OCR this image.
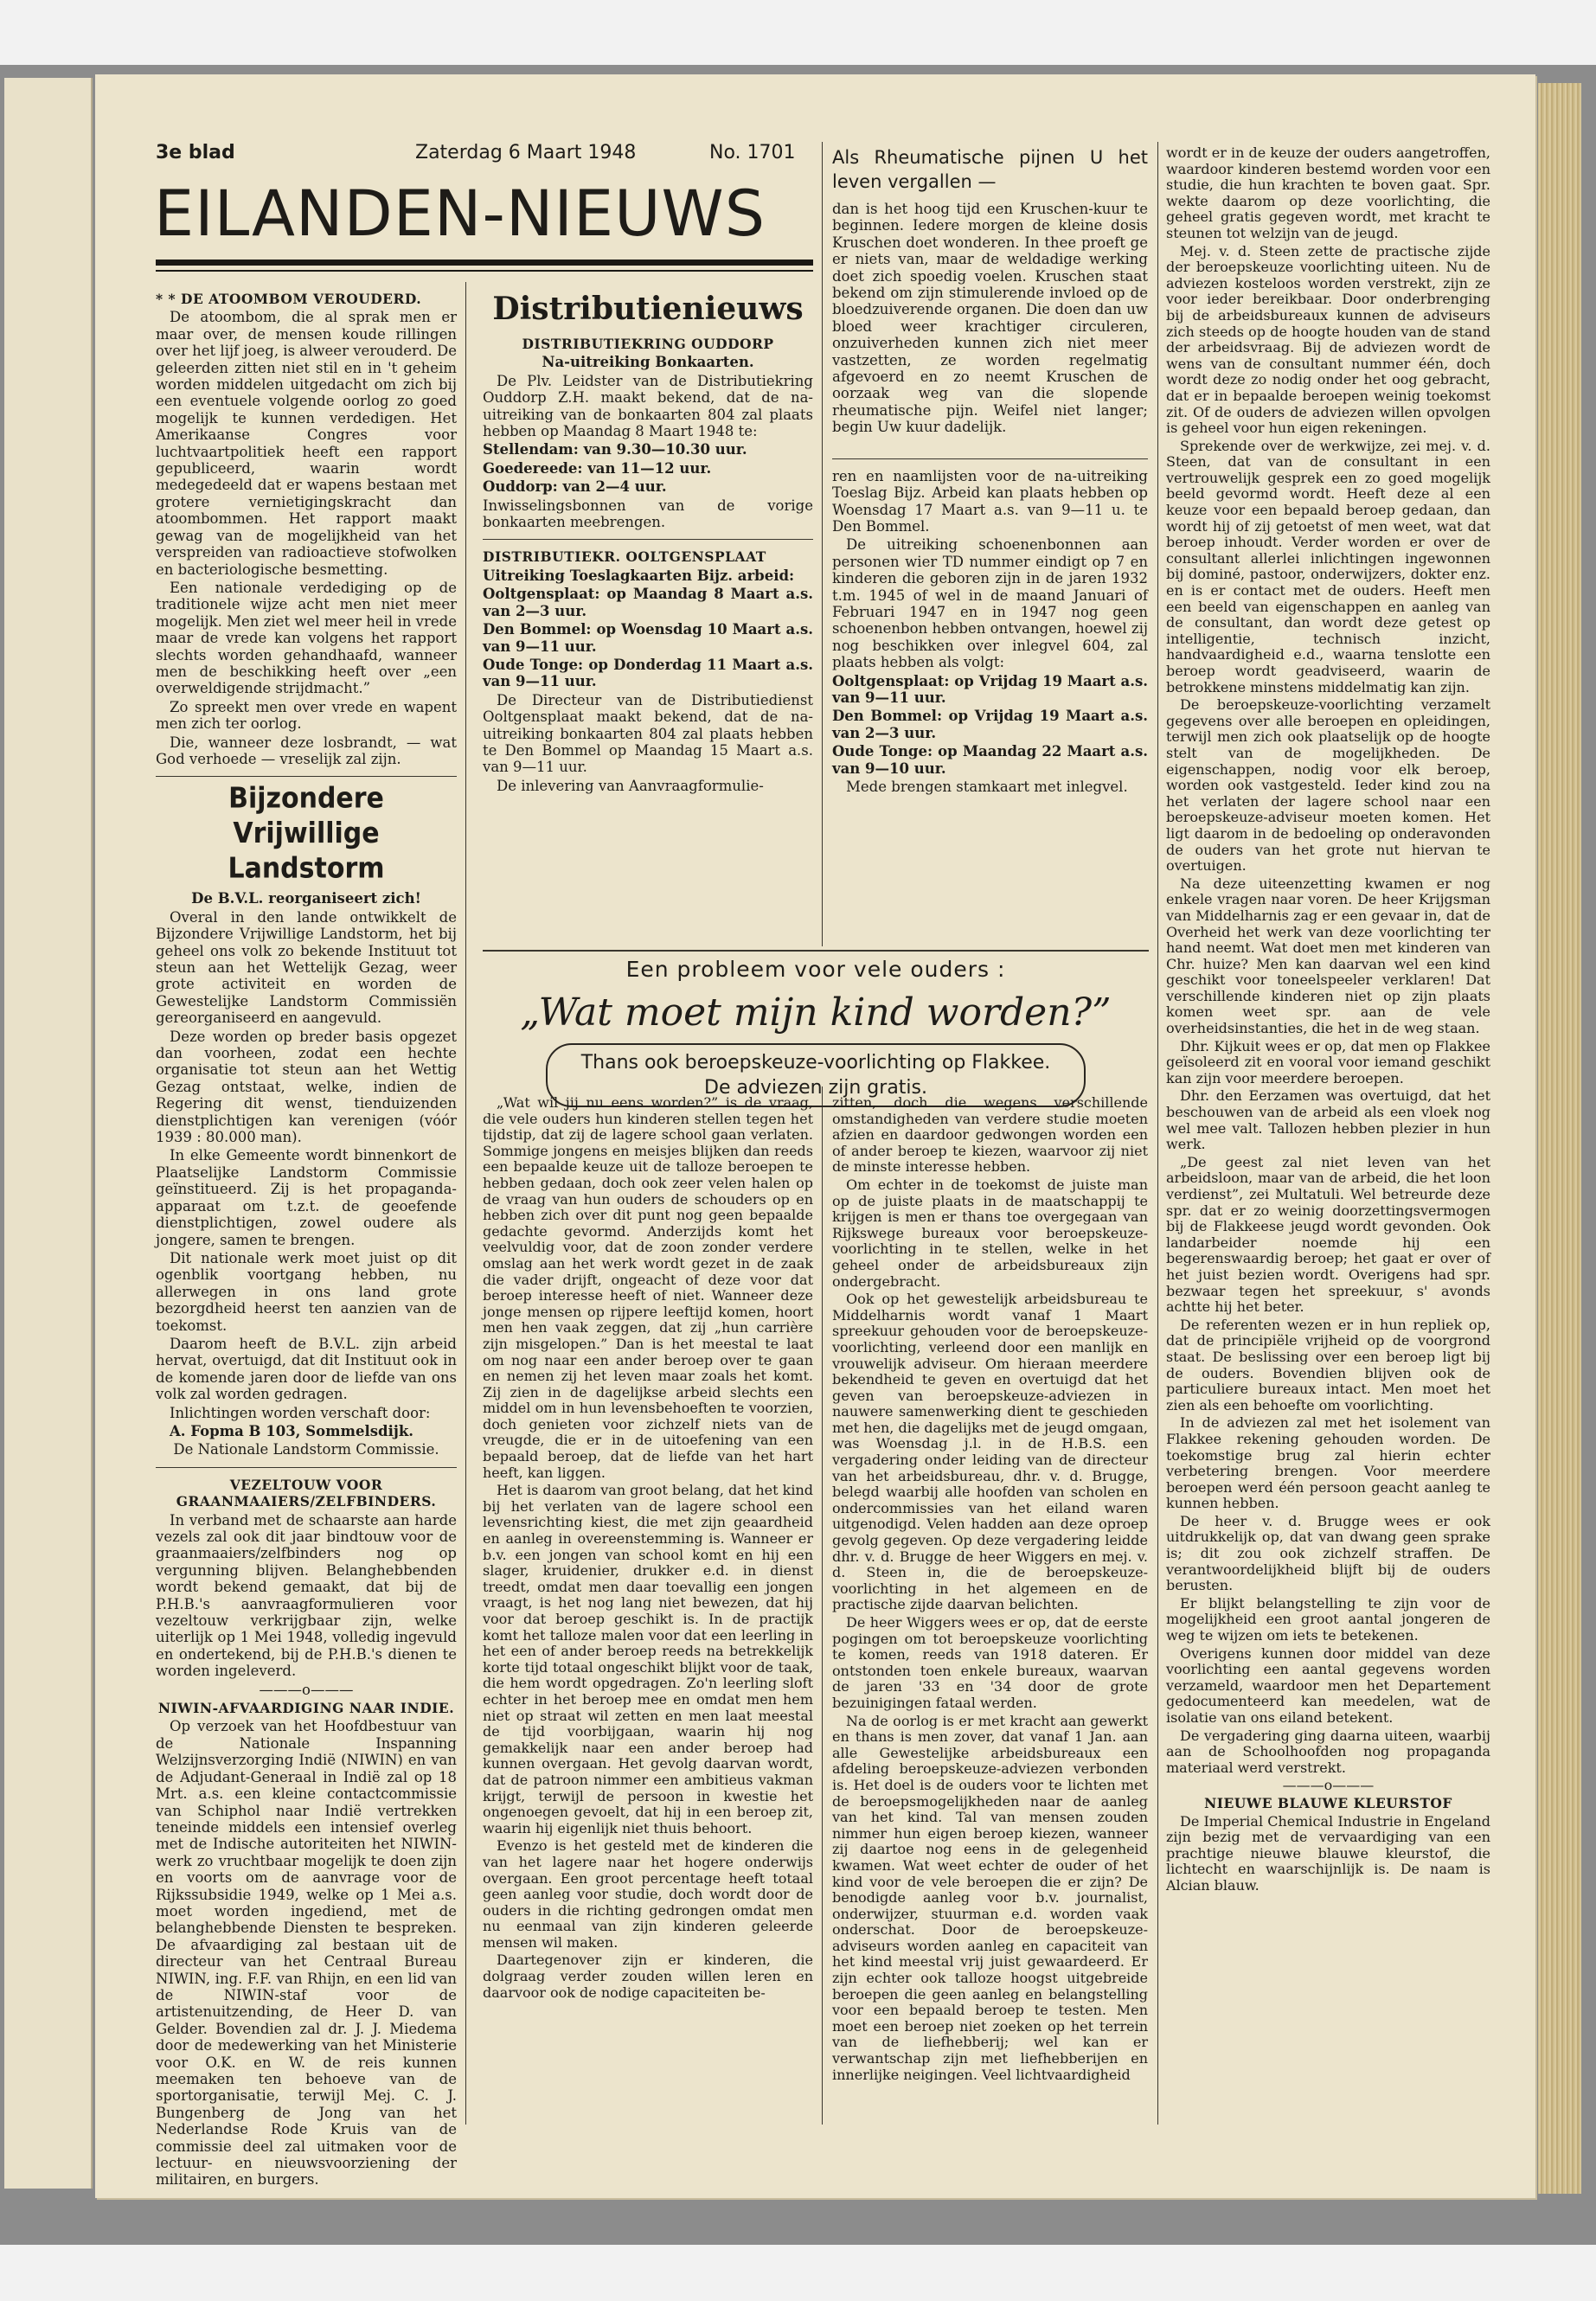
3e blad	Zaterdag 6 Maart 1948	No. 1701
EILANDEN-NIEUWS

* * DE ATOOMBOM VEROUDERD.

De atoombom, die al sprak men er maar over, de mensen koude rillingen over het lijf joeg, is alweer verouderd. De geleerden zitten niet stil en in 't geheim worden middelen uitgedacht om zich bij een eventuele volgende oorlog zo goed mogelijk te kunnen verdedigen. Het Amerikaanse Congres voor luchtvaartpolitiek heeft een rapport gepubliceerd, waarin wordt medegedeeld dat er wapens bestaan met grotere vernietigingskracht dan atoombommen. Het rapport maakt gewag van de mogelijkheid van het verspreiden van radioactieve stofwolken en bacteriologische besmetting.

Een nationale verdediging op de traditionele wijze acht men niet meer mogelijk. Men ziet wel meer heil in vrede maar de vrede kan volgens het rapport slechts worden gehandhaafd, wanneer men de beschikking heeft over „een overweldigende strijdmacht.”

Zo spreekt men over vrede en wapent men zich ter oorlog.

Die, wanneer deze losbrandt, — wat God verhoede — vreselijk zal zijn.

Bijzondere Vrijwillige Landstorm

De B.V.L. reorganiseert zich!

Overal in den lande ontwikkelt de Bijzondere Vrijwillige Landstorm, het bij geheel ons volk zo bekende Instituut tot steun aan het Wettelijk Gezag, weer grote activiteit en worden de Gewestelijke Landstorm Commissiën gereorganiseerd en aangevuld.

Deze worden op breder basis opgezet dan voorheen, zodat een hechte organisatie tot steun aan het Wettig Gezag ontstaat, welke, indien de Regering dit wenst, tienduizenden dienstplichtigen kan verenigen (vóór 1939 : 80.000 man).

In elke Gemeente wordt binnenkort de Plaatselijke Landstorm Commissie geïnstitueerd. Zij is het propaganda-apparaat om t.z.t. de geoefende dienstplichtigen, zowel oudere als jongere, samen te brengen.

Dit nationale werk moet juist op dit ogenblik voortgang hebben, nu allerwegen in ons land grote bezorgdheid heerst ten aanzien van de toekomst.

Daarom heeft de B.V.L. zijn arbeid hervat, overtuigd, dat dit Instituut ook in de komende jaren door de liefde van ons volk zal worden gedragen.

Inlichtingen worden verschaft door:

A. Fopma B 103, Sommelsdijk.

De Nationale Landstorm Commissie.

VEZELTOUW VOOR GRAANMAAIERS/ZELFBINDERS.

In verband met de schaarste aan harde vezels zal ook dit jaar bindtouw voor de graanmaaiers/zelfbinders nog op vergunning blijven. Belanghebbenden wordt bekend gemaakt, dat bij de P.H.B.'s aanvraagformulieren voor vezeltouw verkrijgbaar zijn, welke uiterlijk op 1 Mei 1948, volledig ingevuld en ondertekend, bij de P.H.B.'s dienen te worden ingeleverd.

———o———

NIWIN-AFVAARDIGING NAAR INDIE.

Op verzoek van het Hoofdbestuur van de Nationale Inspanning Welzijnsverzorging Indië (NIWIN) en van de Adjudant-Generaal in Indië zal op 18 Mrt. a.s. een kleine contactcommissie van Schiphol naar Indië vertrekken teneinde middels een intensief overleg met de Indische autoriteiten het NIWIN-werk zo vruchtbaar mogelijk te doen zijn en voorts om de aanvrage voor de Rijkssubsidie 1949, welke op 1 Mei a.s. moet worden ingediend, met de belanghebbende Diensten te bespreken. De afvaardiging zal bestaan uit de directeur van het Centraal Bureau NIWIN, ing. F.F. van Rhijn, en een lid van de NIWIN-staf voor de artistenuitzending, de Heer D. van Gelder. Bovendien zal dr. J. J. Miedema door de medewerking van het Ministerie voor O.K. en W. de reis kunnen meemaken ten behoeve van de sportorganisatie, terwijl Mej. C. J. Bungenberg de Jong van het Nederlandse Rode Kruis van de commissie deel zal uitmaken voor de lectuur- en nieuwsvoorziening der militairen, en burgers.

Distributienieuws

DISTRIBUTIEKRING OUDDORP

Na-uitreiking Bonkaarten.

De Plv. Leidster van de Distributiekring Ouddorp Z.H. maakt bekend, dat de na-uitreiking van de bonkaarten 804 zal plaats hebben op Maandag 8 Maart 1948 te:

Stellendam: van 9.30—10.30 uur.

Goedereede: van 11—12 uur.

Ouddorp: van 2—4 uur.

Inwisselingsbonnen van de vorige bonkaarten meebrengen.

DISTRIBUTIEKR. OOLTGENSPLAAT

Uitreiking Toeslagkaarten Bijz. arbeid:

Ooltgensplaat: op Maandag 8 Maart a.s. van 2—3 uur.

Den Bommel: op Woensdag 10 Maart a.s. van 9—11 uur.

Oude Tonge: op Donderdag 11 Maart a.s. van 9—11 uur.

De Directeur van de Distributiedienst Ooltgensplaat maakt bekend, dat de na-uitreiking bonkaarten 804 zal plaats hebben te Den Bommel op Maandag 15 Maart a.s. van 9—11 uur.

De inlevering van Aanvraagformulie-

Als Rheumatische pijnen U het leven vergallen —

dan is het hoog tijd een Kruschen-kuur te beginnen. Iedere morgen de kleine dosis Kruschen doet wonderen. In thee proeft ge er niets van, maar de weldadige werking doet zich spoedig voelen. Kruschen staat bekend om zijn stimulerende invloed op de bloedzuiverende organen. Die doen dan uw bloed weer krachtiger circuleren, onzuiverheden kunnen zich niet meer vastzetten, ze worden regelmatig afgevoerd en zo neemt Kruschen de oorzaak weg van die slopende rheumatische pijn. Weifel niet langer; begin Uw kuur dadelijk.

ren en naamlijsten voor de na-uitreiking Toeslag Bijz. Arbeid kan plaats hebben op Woensdag 17 Maart a.s. van 9—11 u. te Den Bommel.

De uitreiking schoenenbonnen aan personen wier TD nummer eindigt op 7 en kinderen die geboren zijn in de jaren 1932 t.m. 1945 of wel in de maand Januari of Februari 1947 en in 1947 nog geen schoenenbon hebben ontvangen, hoewel zij nog beschikken over inlegvel 604, zal plaats hebben als volgt:

Ooltgensplaat: op Vrijdag 19 Maart a.s. van 9—11 uur.

Den Bommel: op Vrijdag 19 Maart a.s. van 2—3 uur.

Oude Tonge: op Maandag 22 Maart a.s. van 9—10 uur.

Mede brengen stamkaart met inlegvel.

Een probleem voor vele ouders :
„Wat moet mijn kind worden?”
Thans ook beroepskeuze-voorlichting op Flakkee.
De adviezen zijn gratis.

„Wat wil jij nu eens worden?” is de vraag, die vele ouders hun kinderen stellen tegen het tijdstip, dat zij de lagere school gaan verlaten. Sommige jongens en meisjes blijken dan reeds een bepaalde keuze uit de talloze beroepen te hebben gedaan, doch ook zeer velen halen op de vraag van hun ouders de schouders op en hebben zich over dit punt nog geen bepaalde gedachte gevormd. Anderzijds komt het veelvuldig voor, dat de zoon zonder verdere omslag aan het werk wordt gezet in de zaak die vader drijft, ongeacht of deze voor dat beroep interesse heeft of niet. Wanneer deze jonge mensen op rijpere leeftijd komen, hoort men hen vaak zeggen, dat zij „hun carrière zijn misgelopen.” Dan is het meestal te laat om nog naar een ander beroep over te gaan en nemen zij het leven maar zoals het komt. Zij zien in de dagelijkse arbeid slechts een middel om in hun levensbehoeften te voorzien, doch genieten voor zichzelf niets van de vreugde, die er in de uitoefening van een bepaald beroep, dat de liefde van het hart heeft, kan liggen.

Het is daarom van groot belang, dat het kind bij het verlaten van de lagere school een levensrichting kiest, die met zijn geaardheid en aanleg in overeenstemming is. Wanneer er b.v. een jongen van school komt en hij een slager, kruidenier, drukker e.d. in dienst treedt, omdat men daar toevallig een jongen vraagt, is het nog lang niet bewezen, dat hij voor dat beroep geschikt is. In de practijk komt het talloze malen voor dat een leerling in het een of ander beroep reeds na betrekkelijk korte tijd totaal ongeschikt blijkt voor de taak, die hem wordt opgedragen. Zo'n leerling sloft echter in het beroep mee en omdat men hem niet op straat wil zetten en men laat meestal de tijd voorbijgaan, waarin hij nog gemakkelijk naar een ander beroep had kunnen overgaan. Het gevolg daarvan wordt, dat de patroon nimmer een ambitieus vakman krijgt, terwijl de persoon in kwestie het ongenoegen gevoelt, dat hij in een beroep zit, waarin hij eigenlijk niet thuis behoort.

Evenzo is het gesteld met de kinderen die van het lagere naar het hogere onderwijs overgaan. Een groot percentage heeft totaal geen aanleg voor studie, doch wordt door de ouders in die richting gedrongen omdat men nu eenmaal van zijn kinderen geleerde mensen wil maken.

Daartegenover zijn er kinderen, die dolgraag verder zouden willen leren en daarvoor ook de nodige capaciteiten be-

zitten, doch die wegens verschillende omstandigheden van verdere studie moeten afzien en daardoor gedwongen worden een of ander beroep te kiezen, waarvoor zij niet de minste interesse hebben.

Om echter in de toekomst de juiste man op de juiste plaats in de maatschappij te krijgen is men er thans toe overgegaan van Rijkswege bureaux voor beroepskeuze-voorlichting in te stellen, welke in het geheel onder de arbeidsbureaux zijn ondergebracht.

Ook op het gewestelijk arbeidsbureau te Middelharnis wordt vanaf 1 Maart spreekuur gehouden voor de beroepskeuze-voorlichting, verleend door een manlijk en vrouwelijk adviseur. Om hieraan meerdere bekendheid te geven en overtuigd dat het geven van beroepskeuze-adviezen in nauwere samenwerking dient te geschieden met hen, die dagelijks met de jeugd omgaan, was Woensdag j.l. in de H.B.S. een vergadering onder leiding van de directeur van het arbeidsbureau, dhr. v. d. Brugge, belegd waarbij alle hoofden van scholen en ondercommissies van het eiland waren uitgenodigd. Velen hadden aan deze oproep gevolg gegeven. Op deze vergadering leidde dhr. v. d. Brugge de heer Wiggers en mej. v. d. Steen in, die de beroepskeuze-voorlichting in het algemeen en de practische zijde daarvan belichten.

De heer Wiggers wees er op, dat de eerste pogingen om tot beroepskeuze voorlichting te komen, reeds van 1918 dateren. Er ontstonden toen enkele bureaux, waarvan de jaren '33 en '34 door de grote bezuinigingen fataal werden.

Na de oorlog is er met kracht aan gewerkt en thans is men zover, dat vanaf 1 Jan. aan alle Gewestelijke arbeidsbureaux een afdeling beroepskeuze-adviezen verbonden is. Het doel is de ouders voor te lichten met de beroepsmogelijkheden naar de aanleg van het kind. Tal van mensen zouden nimmer hun eigen beroep kiezen, wanneer zij daartoe nog eens in de gelegenheid kwamen. Wat weet echter de ouder of het kind voor de vele beroepen die er zijn? De benodigde aanleg voor b.v. journalist, onderwijzer, stuurman e.d. worden vaak onderschat. Door de beroepskeuze-adviseurs worden aanleg en capaciteit van het kind meestal vrij juist gewaardeerd. Er zijn echter ook talloze hoogst uitgebreide beroepen die geen aanleg en belangstelling voor een bepaald beroep te testen. Men moet een beroep niet zoeken op het terrein van de liefhebberij; wel kan er verwantschap zijn met liefhebberijen en innerlijke neigingen. Veel lichtvaardigheid

wordt er in de keuze der ouders aangetroffen, waardoor kinderen bestemd worden voor een studie, die hun krachten te boven gaat. Spr. wekte daarom op deze voorlichting, die geheel gratis gegeven wordt, met kracht te steunen tot welzijn van de jeugd.

Mej. v. d. Steen zette de practische zijde der beroepskeuze voorlichting uiteen. Nu de adviezen kosteloos worden verstrekt, zijn ze voor ieder bereikbaar. Door onderbrenging bij de arbeidsbureaux kunnen de adviseurs zich steeds op de hoogte houden van de stand der arbeidsvraag. Bij de adviezen wordt de wens van de consultant nummer één, doch wordt deze zo nodig onder het oog gebracht, dat er in bepaalde beroepen weinig toekomst zit. Of de ouders de adviezen willen opvolgen is geheel voor hun eigen rekeningen.

Sprekende over de werkwijze, zei mej. v. d. Steen, dat van de consultant in een vertrouwelijk gesprek een zo goed mogelijk beeld gevormd wordt. Heeft deze al een keuze voor een bepaald beroep gedaan, dan wordt hij of zij getoetst of men weet, wat dat beroep inhoudt. Verder worden er over de consultant allerlei inlichtingen ingewonnen bij dominé, pastoor, onderwijzers, dokter enz. en is er contact met de ouders. Heeft men een beeld van eigenschappen en aanleg van de consultant, dan wordt deze getest op intelligentie, technisch inzicht, handvaardigheid e.d., waarna tenslotte een beroep wordt geadviseerd, waarin de betrokkene minstens middelmatig kan zijn.

De beroepskeuze-voorlichting verzamelt gegevens over alle beroepen en opleidingen, terwijl men zich ook plaatselijk op de hoogte stelt van de mogelijkheden. De eigenschappen, nodig voor elk beroep, worden ook vastgesteld. Ieder kind zou na het verlaten der lagere school naar een beroepskeuze-adviseur moeten komen. Het ligt daarom in de bedoeling op onderavonden de ouders van het grote nut hiervan te overtuigen.

Na deze uiteenzetting kwamen er nog enkele vragen naar voren. De heer Krijgsman van Middelharnis zag er een gevaar in, dat de Overheid het werk van deze voorlichting ter hand neemt. Wat doet men met kinderen van Chr. huize? Men kan daarvan wel een kind geschikt voor toneelspeeler verklaren! Dat verschillende kinderen niet op zijn plaats komen weet spr. aan de vele overheidsinstanties, die het in de weg staan.

Dhr. Kijkuit wees er op, dat men op Flakkee geïsoleerd zit en vooral voor iemand geschikt kan zijn voor meerdere beroepen.

Dhr. den Eerzamen was overtuigd, dat het beschouwen van de arbeid als een vloek nog wel mee valt. Tallozen hebben plezier in hun werk.

„De geest zal niet leven van het arbeidsloon, maar van de arbeid, die het loon verdienst”, zei Multatuli. Wel betreurde deze spr. dat er zo weinig doorzettingsvermogen bij de Flakkeese jeugd wordt gevonden. Ook landarbeider noemde hij een begerenswaardig beroep; het gaat er over of het juist bezien wordt. Overigens had spr. bezwaar tegen het spreekuur, s' avonds achtte hij het beter.

De referenten wezen er in hun repliek op, dat de principiële vrijheid op de voorgrond staat. De beslissing over een beroep ligt bij de ouders. Bovendien blijven ook de particuliere bureaux intact. Men moet het zien als een behoefte om voorlichting.

In de adviezen zal met het isolement van Flakkee rekening gehouden worden. De toekomstige brug zal hierin echter verbetering brengen. Voor meerdere beroepen werd één persoon geacht aanleg te kunnen hebben.

De heer v. d. Brugge wees er ook uitdrukkelijk op, dat van dwang geen sprake is; dit zou ook zichzelf straffen. De verantwoordelijkheid blijft bij de ouders berusten.

Er blijkt belangstelling te zijn voor de mogelijkheid een groot aantal jongeren de weg te wijzen om iets te betekenen.

Overigens kunnen door middel van deze voorlichting een aantal gegevens worden verzameld, waardoor men het Departement gedocumenteerd kan meedelen, wat de isolatie van ons eiland betekent.

De vergadering ging daarna uiteen, waarbij aan de Schoolhoofden nog propaganda materiaal werd verstrekt.

———o———

NIEUWE BLAUWE KLEURSTOF

De Imperial Chemical Industrie in Engeland zijn bezig met de vervaardiging van een prachtige nieuwe blauwe kleurstof, die lichtecht en waarschijnlijk is. De naam is Alcian blauw.
